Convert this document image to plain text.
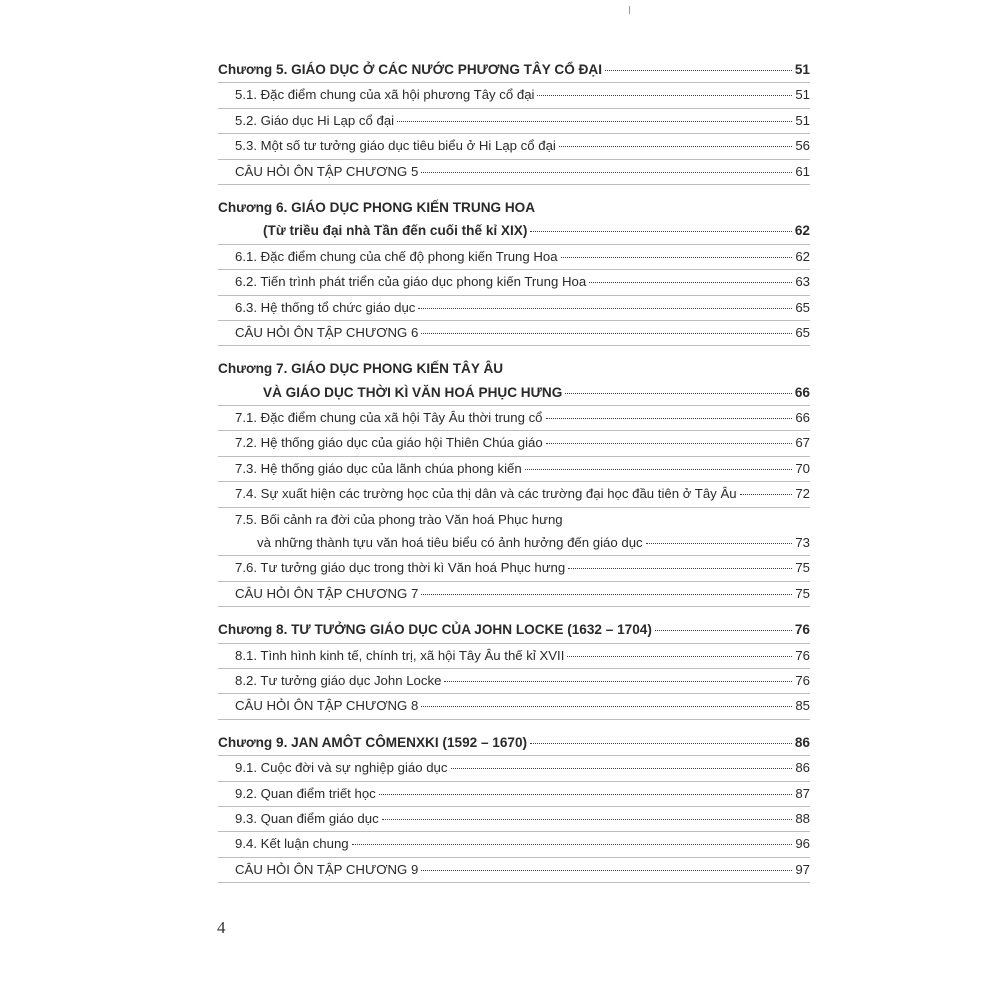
Chương 5. GIÁO DỤC Ở CÁC NƯỚC PHƯƠNG TÂY CỔ ĐẠI	51
5.1. Đặc điểm chung của xã hội phương Tây cổ đại	51
5.2. Giáo dục Hi Lạp cổ đại	51
5.3. Một số tư tưởng giáo dục tiêu biểu ở Hi Lạp cổ đại	56
CÂU HỎI ÔN TẬP CHƯƠNG 5	61
Chương 6. GIÁO DỤC PHONG KIẾN TRUNG HOA
(Từ triều đại nhà Tần đến cuối thế kỉ XIX)	62
6.1. Đặc điểm chung của chế độ phong kiến Trung Hoa	62
6.2. Tiến trình phát triển của giáo dục phong kiến Trung Hoa	63
6.3. Hệ thống tổ chức giáo dục	65
CÂU HỎI ÔN TẬP CHƯƠNG 6	65
Chương 7. GIÁO DỤC PHONG KIẾN TÂY ÂU
VÀ GIÁO DỤC THỜI KÌ VĂN HOÁ PHỤC HƯNG	66
7.1. Đặc điểm chung của xã hội Tây Âu thời trung cổ	66
7.2. Hệ thống giáo dục của giáo hội Thiên Chúa giáo	67
7.3. Hệ thống giáo dục của lãnh chúa phong kiến	70
7.4. Sự xuất hiện các trường học của thị dân và các trường đại học đầu tiên ở Tây Âu	72
7.5. Bối cảnh ra đời của phong trào Văn hoá Phục hưng
và những thành tựu văn hoá tiêu biểu có ảnh hưởng đến giáo dục	73
7.6. Tư tưởng giáo dục trong thời kì Văn hoá Phục hưng	75
CÂU HỎI ÔN TẬP CHƯƠNG 7	75
Chương 8. TƯ TƯỞNG GIÁO DỤC CỦA JOHN LOCKE (1632 – 1704)	76
8.1. Tình hình kinh tế, chính trị, xã hội Tây Âu thế kỉ XVII	76
8.2. Tư tưởng giáo dục John Locke	76
CÂU HỎI ÔN TẬP CHƯƠNG 8	85
Chương 9. JAN AMÔT CÔMENXKI (1592 – 1670)	86
9.1. Cuộc đời và sự nghiệp giáo dục	86
9.2. Quan điểm triết học	87
9.3. Quan điểm giáo dục	88
9.4. Kết luận chung	96
CÂU HỎI ÔN TẬP CHƯƠNG 9	97
4
